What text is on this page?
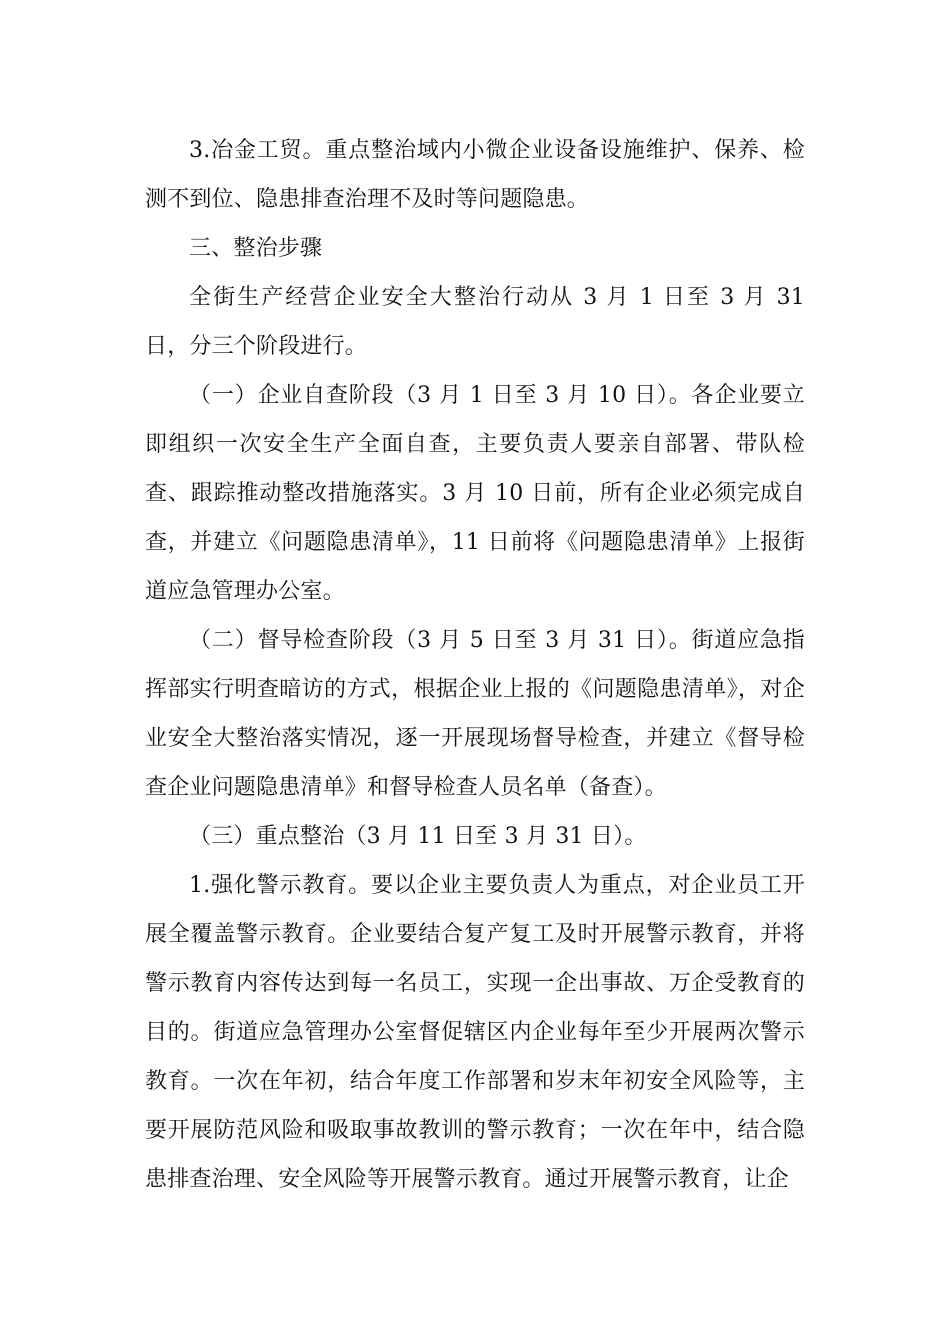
3.冶金工贸。重点整治域内小微企业设备设施维护、保养、检测不到位、隐患排查治理不及时等问题隐患。

三、整治步骤

全街生产经营企业安全大整治行动从 3 月 1 日至 3 月 31 日，分三个阶段进行。

（一）企业自查阶段（3 月 1 日至 3 月 10 日）。各企业要立即组织一次安全生产全面自查，主要负责人要亲自部署、带队检查、跟踪推动整改措施落实。3 月 10 日前，所有企业必须完成自查，并建立《问题隐患清单》，11 日前将《问题隐患清单》上报街道应急管理办公室。

（二）督导检查阶段（3 月 5 日至 3 月 31 日）。街道应急指挥部实行明查暗访的方式，根据企业上报的《问题隐患清单》，对企业安全大整治落实情况，逐一开展现场督导检查，并建立《督导检查企业问题隐患清单》和督导检查人员名单（备查）。

（三）重点整治（3 月 11 日至 3 月 31 日）。

1.强化警示教育。要以企业主要负责人为重点，对企业员工开展全覆盖警示教育。企业要结合复产复工及时开展警示教育，并将警示教育内容传达到每一名员工，实现一企出事故、万企受教育的目的。街道应急管理办公室督促辖区内企业每年至少开展两次警示教育。一次在年初，结合年度工作部署和岁末年初安全风险等，主要开展防范风险和吸取事故教训的警示教育；一次在年中，结合隐患排查治理、安全风险等开展警示教育。通过开展警示教育，让企
